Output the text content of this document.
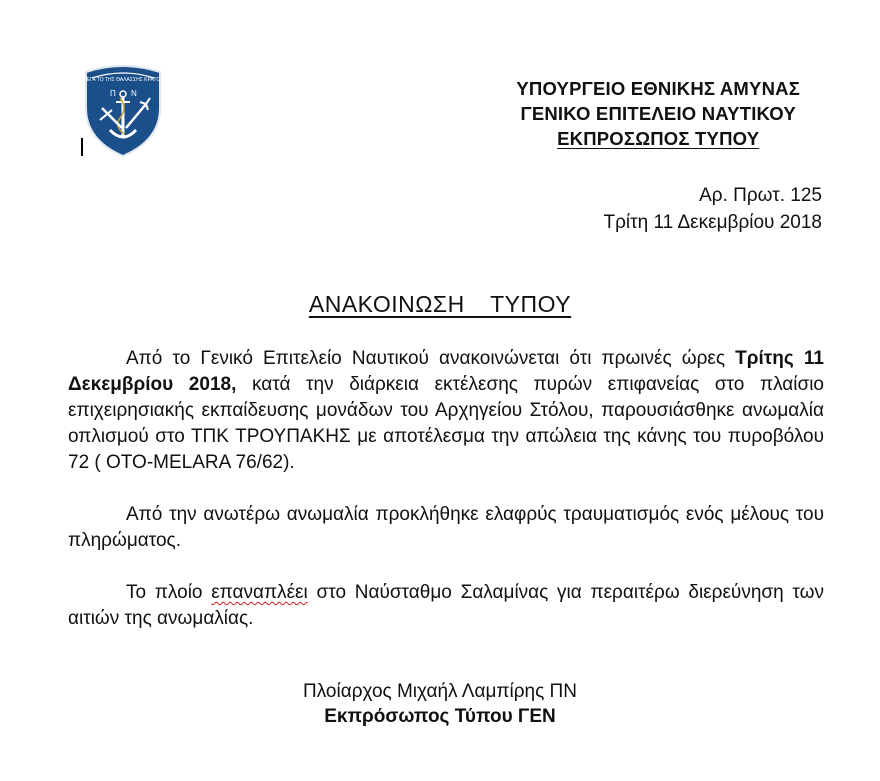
ΜΕΓΑ ΤΟ ΤΗΣ ΘΑΛΑΣΣΗΣ ΚΡΑΤΟΣ
Π Ν	ΥΠΟΥΡΓΕΙΟ ΕΘΝΙΚΗΣ ΑΜΥΝΑΣ
ΓΕΝΙΚΟ ΕΠΙΤΕΛΕΙΟ ΝΑΥΤΙΚΟΥ
ΕΚΠΡΟΣΩΠΟΣ ΤΥΠΟΥ
Αρ. Πρωτ. 125
Τρίτη 11 Δεκεμβρίου 2018
ΑΝΑΚΟΙΝΩΣΗ  ΤΥΠΟΥ

Από το Γενικό Επιτελείο Ναυτικού ανακοινώνεται ότι πρωινές ώρες Τρίτης 11 Δεκεμβρίου 2018, κατά την διάρκεια εκτέλεσης πυρών επιφανείας στο πλαίσιο επιχειρησιακής εκπαίδευσης μονάδων του Αρχηγείου Στόλου, παρουσιάσθηκε ανωμαλία οπλισμού στο ΤΠΚ ΤΡΟΥΠΑΚΗΣ με αποτέλεσμα την απώλεια της κάνης του πυροβόλου 72 ( OTO-MELARA 76/62).

Από την ανωτέρω ανωμαλία προκλήθηκε ελαφρύς τραυματισμός ενός μέλους του πληρώματος.

Το πλοίο επαναπλέει στο Ναύσταθμο Σαλαμίνας για περαιτέρω διερεύνηση των αιτιών της ανωμαλίας.

Πλοίαρχος Μιχαήλ Λαμπίρης ΠΝ
Εκπρόσωπος Τύπου ΓΕΝ
